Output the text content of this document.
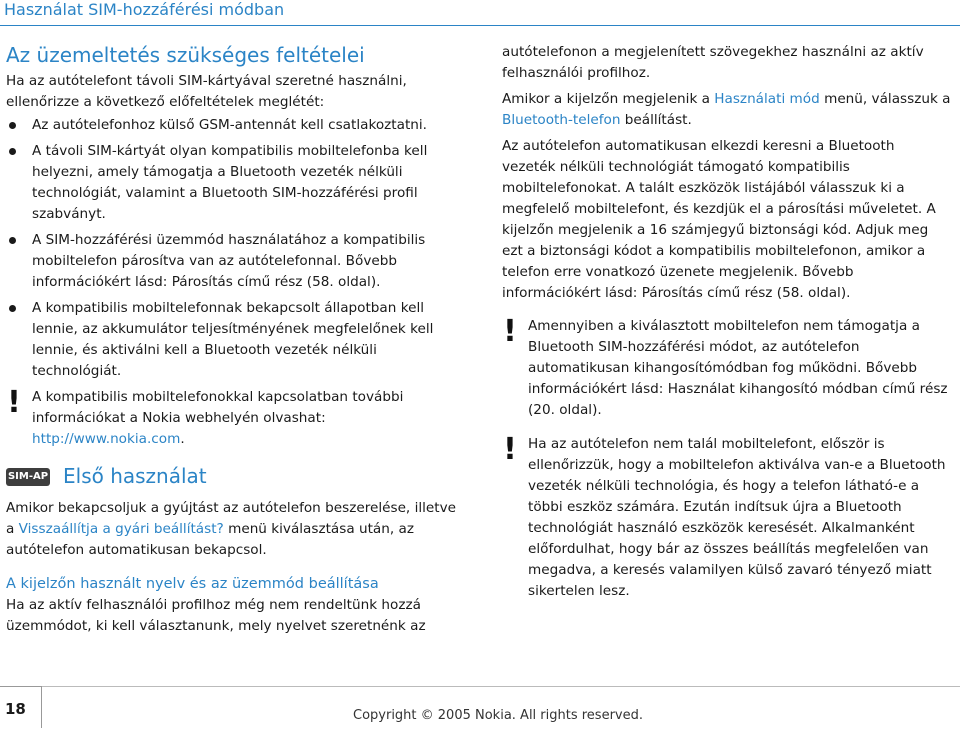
Használat SIM-hozzáférési módban
Az üzemeltetés szükséges feltételei

Ha az autótelefont távoli SIM-kártyával szeretné használni, ellenőrizze a következő előfeltételek meglétét:

Az autótelefonhoz külső GSM-antennát kell csatlakoztatni.
A távoli SIM-kártyát olyan kompatibilis mobiltelefonba kell helyezni, amely támogatja a Bluetooth vezeték nélküli technológiát, valamint a Bluetooth SIM-hozzáférési profil szabványt.
A SIM-hozzáférési üzemmód használatához a kompatibilis mobiltelefon párosítva van az autótelefonnal. Bővebb információkért lásd: Párosítás című rész (58. oldal).
A kompatibilis mobiltelefonnak bekapcsolt állapotban kell lennie, az akkumulátor teljesítményének megfelelőnek kell lennie, és aktiválni kell a Bluetooth vezeték nélküli technológiát.
! A kompatibilis mobiltelefonokkal kapcsolatban további információkat a Nokia webhelyén olvashat: http://www.nokia.com.
SIM-AP Első használat

Amikor bekapcsoljuk a gyújtást az autótelefon beszerelése, illetve a Visszaállítja a gyári beállítást? menü kiválasztása után, az autótelefon automatikusan bekapcsol.

A kijelzőn használt nyelv és az üzemmód beállítása

Ha az aktív felhasználói profilhoz még nem rendeltünk hozzá üzemmódot, ki kell választanunk, mely nyelvet szeretnénk az

autótelefonon a megjelenített szövegekhez használni az aktív felhasználói profilhoz.

Amikor a kijelzőn megjelenik a Használati mód menü, válasszuk a Bluetooth-telefon beállítást.

Az autótelefon automatikusan elkezdi keresni a Bluetooth vezeték nélküli technológiát támogató kompatibilis mobiltelefonokat. A talált eszközök listájából válasszuk ki a megfelelő mobiltelefont, és kezdjük el a párosítási műveletet. A kijelzőn megjelenik a 16 számjegyű biztonsági kód. Adjuk meg ezt a biztonsági kódot a kompatibilis mobiltelefonon, amikor a telefon erre vonatkozó üzenete megjelenik. Bővebb információkért lásd: Párosítás című rész (58. oldal).

! Amennyiben a kiválasztott mobiltelefon nem támogatja a Bluetooth SIM-hozzáférési módot, az autótelefon automatikusan kihangosítómódban fog működni. Bővebb információkért lásd: Használat kihangosító módban című rész (20. oldal).
! Ha az autótelefon nem talál mobiltelefont, először is ellenőrizzük, hogy a mobiltelefon aktiválva van-e a Bluetooth vezeték nélküli technológia, és hogy a telefon látható-e a többi eszköz számára. Ezután indítsuk újra a Bluetooth technológiát használó eszközök keresését. Alkalmanként előfordulhat, hogy bár az összes beállítás megfelelően van megadva, a keresés valamilyen külső zavaró tényező miatt sikertelen lesz.
18	Copyright © 2005 Nokia. All rights reserved.
